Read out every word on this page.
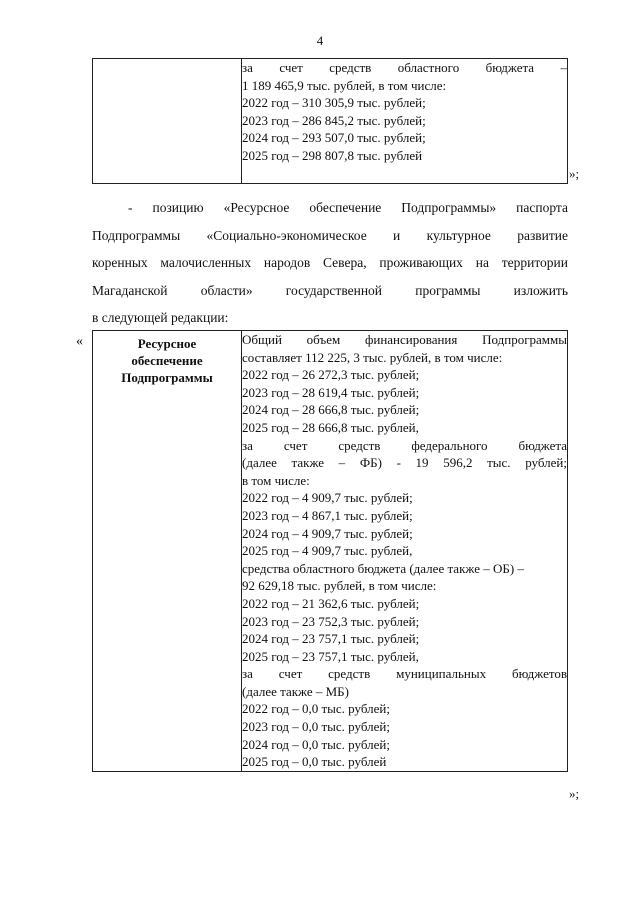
4

за счет средств областного бюджета –
1 189 465,9 тыс. рублей, в том числе:
2022 год – 310 305,9 тыс. рублей;
2023 год – 286 845,2 тыс. рублей;
2024 год – 293 507,0 тыс. рублей;
2025 год – 298 807,8 тыс. рублей
»;
- позицию «Ресурсное обеспечение Подпрограммы» паспорта
Подпрограммы «Социально-экономическое и культурное развитие
коренных малочисленных народов Севера, проживающих на территории
Магаданской области» государственной программы изложить
в следующей редакции:
«	Ресурсное
обеспечение
Подпрограммы

Общий объем финансирования Подпрограммы
составляет 112 225, 3 тыс. рублей, в том числе:
2022 год – 26 272,3 тыс. рублей;
2023 год – 28 619,4 тыс. рублей;
2024 год – 28 666,8 тыс. рублей;
2025 год – 28 666,8 тыс. рублей,
за счет средств федерального бюджета
(далее также – ФБ) - 19 596,2 тыс. рублей;
в том числе:
2022 год – 4 909,7 тыс. рублей;
2023 год – 4 867,1 тыс. рублей;
2024 год – 4 909,7 тыс. рублей;
2025 год – 4 909,7 тыс. рублей,
средства областного бюджета (далее также – ОБ) –
92 629,18 тыс. рублей, в том числе:
2022 год – 21 362,6 тыс. рублей;
2023 год – 23 752,3 тыс. рублей;
2024 год – 23 757,1 тыс. рублей;
2025 год – 23 757,1 тыс. рублей,
за счет средств муниципальных бюджетов
(далее также – МБ)
2022 год – 0,0 тыс. рублей;
2023 год – 0,0 тыс. рублей;
2024 год – 0,0 тыс. рублей;
2025 год – 0,0 тыс. рублей
»;
